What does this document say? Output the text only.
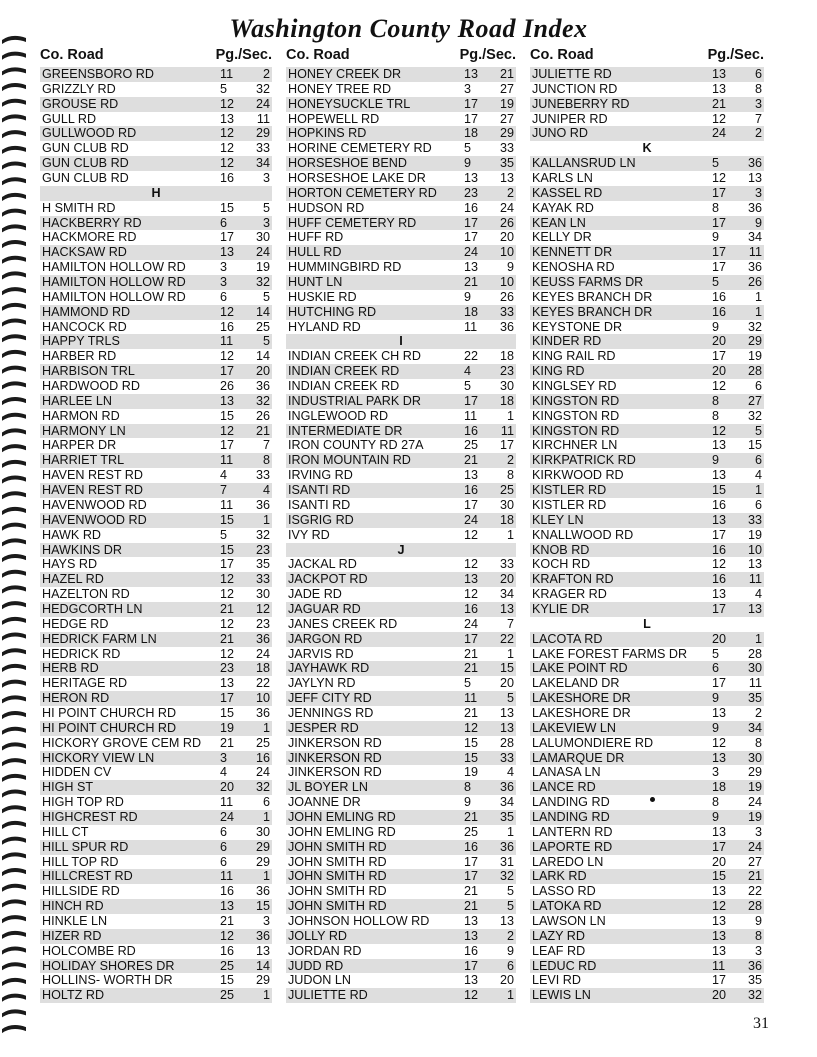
Washington County Road Index
Co. Road	Pg./Sec.
GREENSBORO RD	11	2
GRIZZLY RD	5	32
GROUSE RD	12	24
GULL RD	13	11
GULLWOOD RD	12	29
GUN CLUB RD	12	33
GUN CLUB RD	12	34
GUN CLUB RD	16	3
H
H SMITH RD	15	5
HACKBERRY RD	6	3
HACKMORE RD	17	30
HACKSAW RD	13	24
HAMILTON HOLLOW RD	3	19
HAMILTON HOLLOW RD	3	32
HAMILTON HOLLOW RD	6	5
HAMMOND RD	12	14
HANCOCK RD	16	25
HAPPY TRLS	11	5
HARBER RD	12	14
HARBISON TRL	17	20
HARDWOOD RD	26	36
HARLEE LN	13	32
HARMON RD	15	26
HARMONY LN	12	21
HARPER DR	17	7
HARRIET TRL	11	8
HAVEN REST RD	4	33
HAVEN REST RD	7	4
HAVENWOOD RD	11	36
HAVENWOOD RD	15	1
HAWK RD	5	32
HAWKINS DR	15	23
HAYS RD	17	35
HAZEL RD	12	33
HAZELTON RD	12	30
HEDGCORTH LN	21	12
HEDGE RD	12	23
HEDRICK FARM LN	21	36
HEDRICK RD	12	24
HERB RD	23	18
HERITAGE RD	13	22
HERON RD	17	10
HI POINT CHURCH RD	15	36
HI POINT CHURCH RD	19	1
HICKORY GROVE CEM RD	21	25
HICKORY VIEW LN	3	16
HIDDEN CV	4	24
HIGH ST	20	32
HIGH TOP RD	11	6
HIGHCREST RD	24	1
HILL CT	6	30
HILL SPUR RD	6	29
HILL TOP RD	6	29
HILLCREST RD	11	1
HILLSIDE RD	16	36
HINCH RD	13	15
HINKLE LN	21	3
HIZER RD	12	36
HOLCOMBE RD	16	13
HOLIDAY SHORES DR	25	14
HOLLINS- WORTH DR	15	29
HOLTZ RD	25	1
Co. Road	Pg./Sec.
HONEY CREEK DR	13	21
HONEY TREE RD	3	27
HONEYSUCKLE TRL	17	19
HOPEWELL RD	17	27
HOPKINS RD	18	29
HORINE CEMETERY RD	5	33
HORSESHOE BEND	9	35
HORSESHOE LAKE DR	13	13
HORTON CEMETERY RD	23	2
HUDSON RD	16	24
HUFF CEMETERY RD	17	26
HUFF RD	17	20
HULL RD	24	10
HUMMINGBIRD RD	13	9
HUNT LN	21	10
HUSKIE RD	9	26
HUTCHING RD	18	33
HYLAND RD	11	36
I
INDIAN CREEK CH RD	22	18
INDIAN CREEK RD	4	23
INDIAN CREEK RD	5	30
INDUSTRIAL PARK DR	17	18
INGLEWOOD RD	11	1
INTERMEDIATE DR	16	11
IRON COUNTY RD 27A	25	17
IRON MOUNTAIN RD	21	2
IRVING RD	13	8
ISANTI RD	16	25
ISANTI RD	17	30
ISGRIG RD	24	18
IVY RD	12	1
J
JACKAL RD	12	33
JACKPOT RD	13	20
JADE RD	12	34
JAGUAR RD	16	13
JANES CREEK RD	24	7
JARGON RD	17	22
JARVIS RD	21	1
JAYHAWK RD	21	15
JAYLYN RD	5	20
JEFF CITY RD	11	5
JENNINGS RD	21	13
JESPER RD	12	13
JINKERSON RD	15	28
JINKERSON RD	15	33
JINKERSON RD	19	4
JL BOYER LN	8	36
JOANNE DR	9	34
JOHN EMLING RD	21	35
JOHN EMLING RD	25	1
JOHN SMITH RD	16	36
JOHN SMITH RD	17	31
JOHN SMITH RD	17	32
JOHN SMITH RD	21	5
JOHN SMITH RD	21	5
JOHNSON HOLLOW RD	13	13
JOLLY RD	13	2
JORDAN RD	16	9
JUDD RD	17	6
JUDON LN	13	20
JULIETTE RD	12	1
Co. Road	Pg./Sec.
JULIETTE RD	13	6
JUNCTION RD	13	8
JUNEBERRY RD	21	3
JUNIPER RD	12	7
JUNO RD	24	2
K
KALLANSRUD LN	5	36
KARLS LN	12	13
KASSEL RD	17	3
KAYAK RD	8	36
KEAN LN	17	9
KELLY DR	9	34
KENNETT DR	17	11
KENOSHA RD	17	36
KEUSS FARMS DR	5	26
KEYES BRANCH DR	16	1
KEYES BRANCH DR	16	1
KEYSTONE DR	9	32
KINDER RD	20	29
KING RAIL RD	17	19
KING RD	20	28
KINGLSEY RD	12	6
KINGSTON RD	8	27
KINGSTON RD	8	32
KINGSTON RD	12	5
KIRCHNER LN	13	15
KIRKPATRICK RD	9	6
KIRKWOOD RD	13	4
KISTLER RD	15	1
KISTLER RD	16	6
KLEY LN	13	33
KNALLWOOD RD	17	19
KNOB RD	16	10
KOCH RD	12	13
KRAFTON RD	16	11
KRAGER RD	13	4
KYLIE DR	17	13
L
LACOTA RD	20	1
LAKE FOREST FARMS DR	5	28
LAKE POINT RD	6	30
LAKELAND DR	17	11
LAKESHORE DR	9	35
LAKESHORE DR	13	2
LAKEVIEW LN	9	34
LALUMONDIERE RD	12	8
LAMARQUE DR	13	30
LANASA LN	3	29
LANCE RD	18	19
LANDING RD	8	24
LANDING RD	9	19
LANTERN RD	13	3
LAPORTE RD	17	24
LAREDO LN	20	27
LARK RD	15	21
LASSO RD	13	22
LATOKA RD	12	28
LAWSON LN	13	9
LAZY RD	13	8
LEAF RD	13	3
LEDUC RD	11	36
LEVI RD	17	35
LEWIS LN	20	32
31
